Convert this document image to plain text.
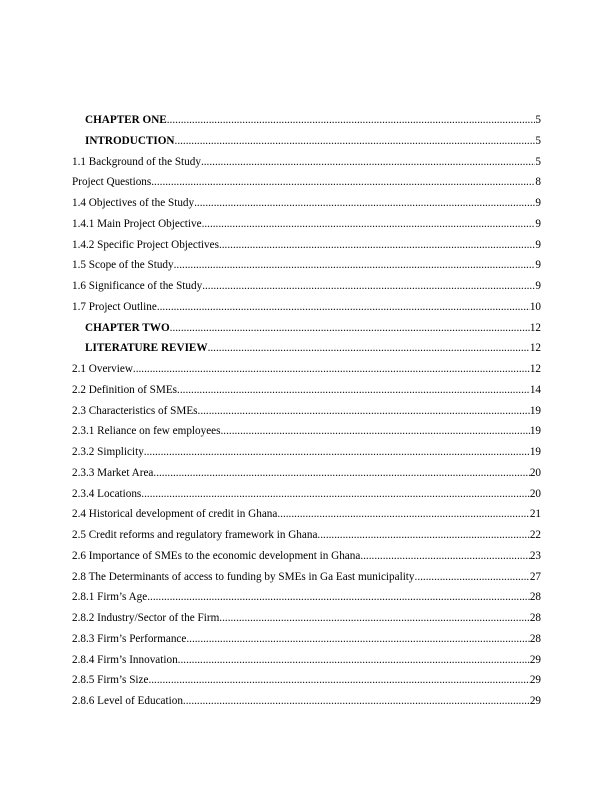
CHAPTER ONE .....	5
INTRODUCTION .....	5
1.1 Background of the Study .....	5
Project Questions .....	8
1.4 Objectives of the Study .....	9
1.4.1 Main Project Objective .....	9
1.4.2 Specific Project Objectives .....	9
1.5 Scope of the Study .....	9
1.6 Significance of the Study .....	9
1.7 Project Outline .....	10
CHAPTER TWO .....	12
LITERATURE REVIEW .....	12
2.1 Overview .....	12
2.2 Definition of SMEs .....	14
2.3 Characteristics of SMEs .....	19
2.3.1 Reliance on few employees .....	19
2.3.2 Simplicity .....	19
2.3.3 Market Area .....	20
2.3.4 Locations .....	20
2.4 Historical development of credit in Ghana .....	21
2.5 Credit reforms and regulatory framework in Ghana .....	22
2.6 Importance of SMEs to the economic development in Ghana .....	23
2.8 The Determinants of access to funding by SMEs in Ga East municipality .....	27
2.8.1 Firm’s Age .....	28
2.8.2 Industry/Sector of the Firm .....	28
2.8.3 Firm’s Performance .....	28
2.8.4 Firm’s Innovation .....	29
2.8.5 Firm’s Size .....	29
2.8.6 Level of Education .....	29
